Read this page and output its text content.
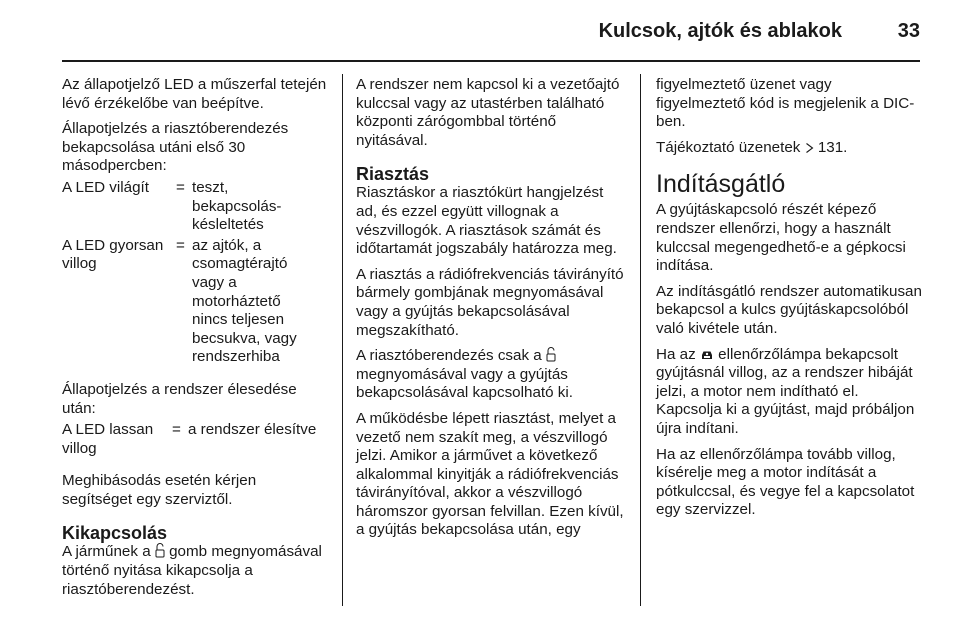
Kulcsok, ajtók és ablakok	33
Az állapotjelző LED a műszerfal tetején lévő érzékelőbe van beépítve.
Állapotjelzés a riasztóberendezés bekapcsolása utáni első 30 másodpercben:
A LED világít	= teszt, bekapcsolás-késleltetés
A LED gyorsan villog
= az ajtók, a csomagtérajtó vagy a motorháztető nincs teljesen becsukva, vagy rendszerhiba
Állapotjelzés a rendszer élesedése után:
A LED lassan villog
= a rendszer élesítve
Meghibásodás esetén kérjen segítséget egy szerviztől.
Kikapcsolás
A járműnek a gomb megnyomásával történő nyitása kikapcsolja a riasztóberendezést.
A rendszer nem kapcsol ki a vezetőajtó kulccsal vagy az utastérben található központi zárógombbal történő nyitásával.
Riasztás
Riasztáskor a riasztókürt hangjelzést ad, és ezzel együtt villognak a vészvillogók. A riasztások számát és időtartamát jogszabály határozza meg.
A riasztás a rádiófrekvenciás távirányító bármely gombjának megnyomásával vagy a gyújtás bekapcsolásával megszakítható.
A riasztóberendezés csak a
megnyomásával vagy a gyújtás bekapcsolásával kapcsolható ki.
A működésbe lépett riasztást, melyet a vezető nem szakít meg, a vészvillogó jelzi. Amikor a járművet a következő alkalommal kinyitják a rádiófrekvenciás távirányítóval, akkor a vészvillogó háromszor gyorsan felvillan. Ezen kívül, a gyújtás bekapcsolása után, egy
figyelmeztető üzenet vagy figyelmeztető kód is megjelenik a DIC-ben.
Tájékoztató üzenetek 131.
Indításgátló
A gyújtáskapcsoló részét képező rendszer ellenőrzi, hogy a használt kulccsal megengedhető-e a gépkocsi indítása.
Az indításgátló rendszer automatikusan bekapcsol a kulcs gyújtáskapcsolóból való kivétele után.
Ha az ellenőrzőlámpa bekapcsolt gyújtásnál villog, az a rendszer hibáját jelzi, a motor nem indítható el. Kapcsolja ki a gyújtást, majd próbáljon újra indítani.
Ha az ellenőrzőlámpa tovább villog, kísérelje meg a motor indítását a pótkulccsal, és vegye fel a kapcsolatot egy szervizzel.
